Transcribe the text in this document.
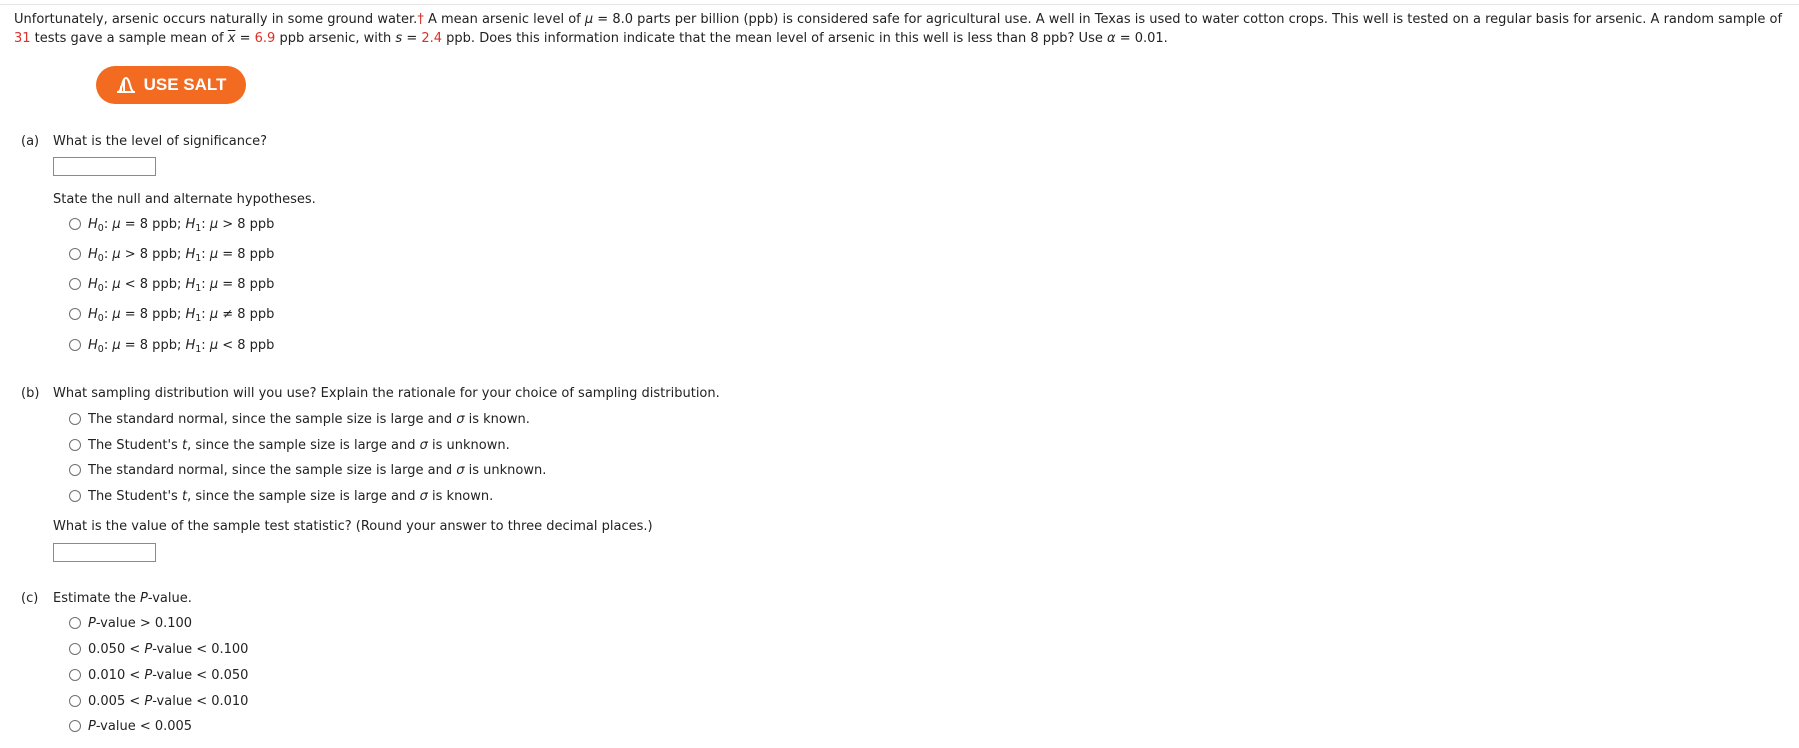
Unfortunately, arsenic occurs naturally in some ground water.† A mean arsenic level of μ = 8.0 parts per billion (ppb) is considered safe for agricultural use. A well in Texas is used to water cotton crops. This well is tested on a regular basis for arsenic. A random sample of 31 tests gave a sample mean of $\overline{x} = 6.9$ ppb arsenic, with s = 2.4 ppb. Does this information indicate that the mean level of arsenic in this well is less than 8 ppb? Use α = 0.01.
USE SALT
(a) What is the level of significance?
State the null and alternate hypotheses.
$H_0$: μ = 8 ppb; $H_1$: μ > 8 ppb
$H_0$: μ > 8 ppb; $H_1$: μ = 8 ppb
$H_0$: μ < 8 ppb; $H_1$: μ = 8 ppb
$H_0$: μ = 8 ppb; $H_1$: μ ≠ 8 ppb
$H_0$: μ = 8 ppb; $H_1$: μ < 8 ppb
(b) What sampling distribution will you use? Explain the rationale for your choice of sampling distribution.
The standard normal, since the sample size is large and σ is known.
The Student's t, since the sample size is large and σ is unknown.
The standard normal, since the sample size is large and σ is unknown.
The Student's t, since the sample size is large and σ is known.
What is the value of the sample test statistic? (Round your answer to three decimal places.)
(c) Estimate the P-value.
P-value > 0.100
0.050 < P-value < 0.100
0.010 < P-value < 0.050
0.005 < P-value < 0.010
P-value < 0.005
